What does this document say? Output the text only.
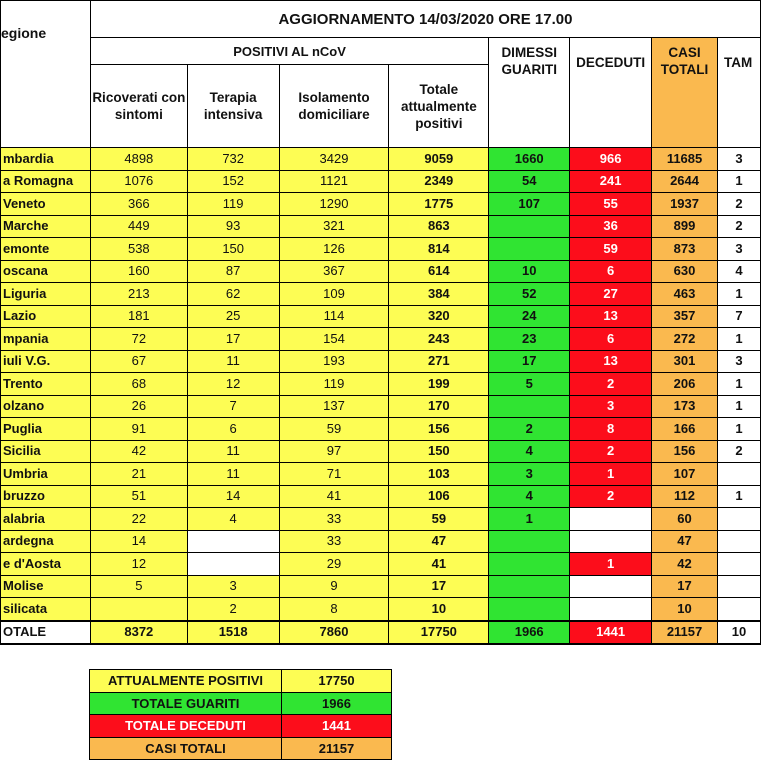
egione	AGGIORNAMENTO 14/03/2020 ORE 17.00							
	POSITIVI AL nCoV				DIMESSI GUARITI	DECEDUTI	CASI TOTALI	TAM
	Ricoverati con sintomi	Terapia intensiva	Isolamento domiciliare	Totale attualmente positivi				
mbardia	4898	732	3429	9059	1660	966	11685	3
a Romagna	1076	152	1121	2349	54	241	2644	1
Veneto	366	119	1290	1775	107	55	1937	2
Marche	449	93	321	863		36	899	2
emonte	538	150	126	814		59	873	3
oscana	160	87	367	614	10	6	630	4
Liguria	213	62	109	384	52	27	463	1
Lazio	181	25	114	320	24	13	357	7
mpania	72	17	154	243	23	6	272	1
iuli V.G.	67	11	193	271	17	13	301	3
Trento	68	12	119	199	5	2	206	1
olzano	26	7	137	170		3	173	1
Puglia	91	6	59	156	2	8	166	1
Sicilia	42	11	97	150	4	2	156	2
Umbria	21	11	71	103	3	1	107	
bruzzo	51	14	41	106	4	2	112	1
alabria	22	4	33	59	1		60	
ardegna	14		33	47			47	
e d'Aosta	12		29	41		1	42	
Molise	5	3	9	17			17	
silicata		2	8	10			10	
OTALE	8372	1518	7860	17750	1966	1441	21157	10
ATTUALMENTE POSITIVI	17750
TOTALE GUARITI	1966
TOTALE DECEDUTI	1441
CASI TOTALI	21157
